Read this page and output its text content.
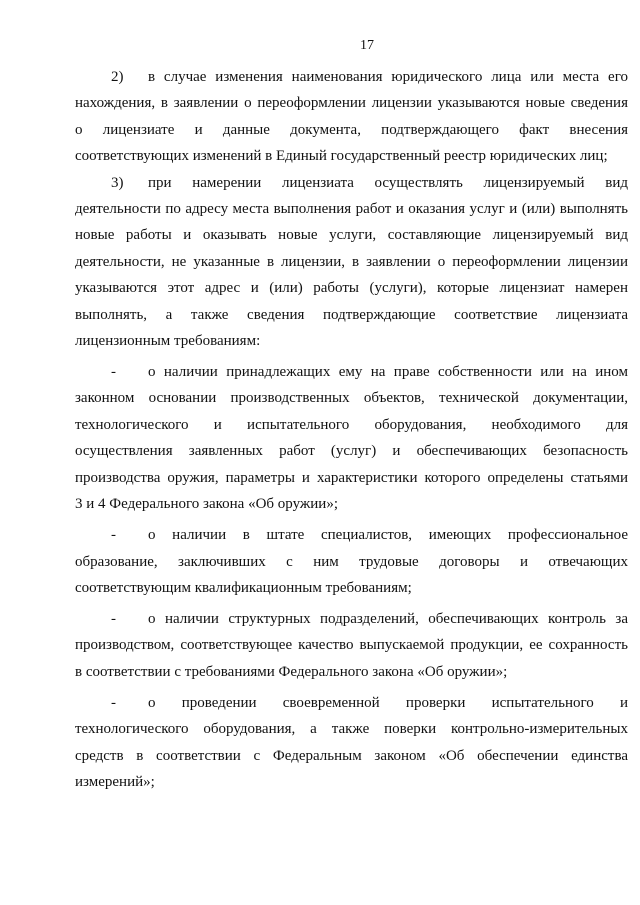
17
2) в случае изменения наименования юридического лица или места его
нахождения, в заявлении о переоформлении лицензии указываются новые сведения
о лицензиате и данные документа, подтверждающего факт внесения
соответствующих изменений в Единый государственный реестр юридических лиц;
3) при намерении лицензиата осуществлять лицензируемый вид
деятельности по адресу места выполнения работ и оказания услуг и (или) выполнять
новые работы и оказывать новые услуги, составляющие лицензируемый вид
деятельности, не указанные в лицензии, в заявлении о переоформлении лицензии
указываются этот адрес и (или) работы (услуги), которые лицензиат намерен
выполнять, а также сведения подтверждающие соответствие лицензиата
лицензионным требованиям:
- о наличии принадлежащих ему на праве собственности или на ином
законном основании производственных объектов, технической документации,
технологического и испытательного оборудования, необходимого для
осуществления заявленных работ (услуг) и обеспечивающих безопасность
производства оружия, параметры и характеристики которого определены статьями
3 и 4 Федерального закона «Об оружии»;
- о наличии в штате специалистов, имеющих профессиональное
образование, заключивших с ним трудовые договоры и отвечающих
соответствующим квалификационным требованиям;
- о наличии структурных подразделений, обеспечивающих контроль за
производством, соответствующее качество выпускаемой продукции, ее сохранность
в соответствии с требованиями Федерального закона «Об оружии»;
- о проведении своевременной проверки испытательного и
технологического оборудования, а также поверки контрольно-измерительных
средств в соответствии с Федеральным законом «Об обеспечении единства
измерений»;
